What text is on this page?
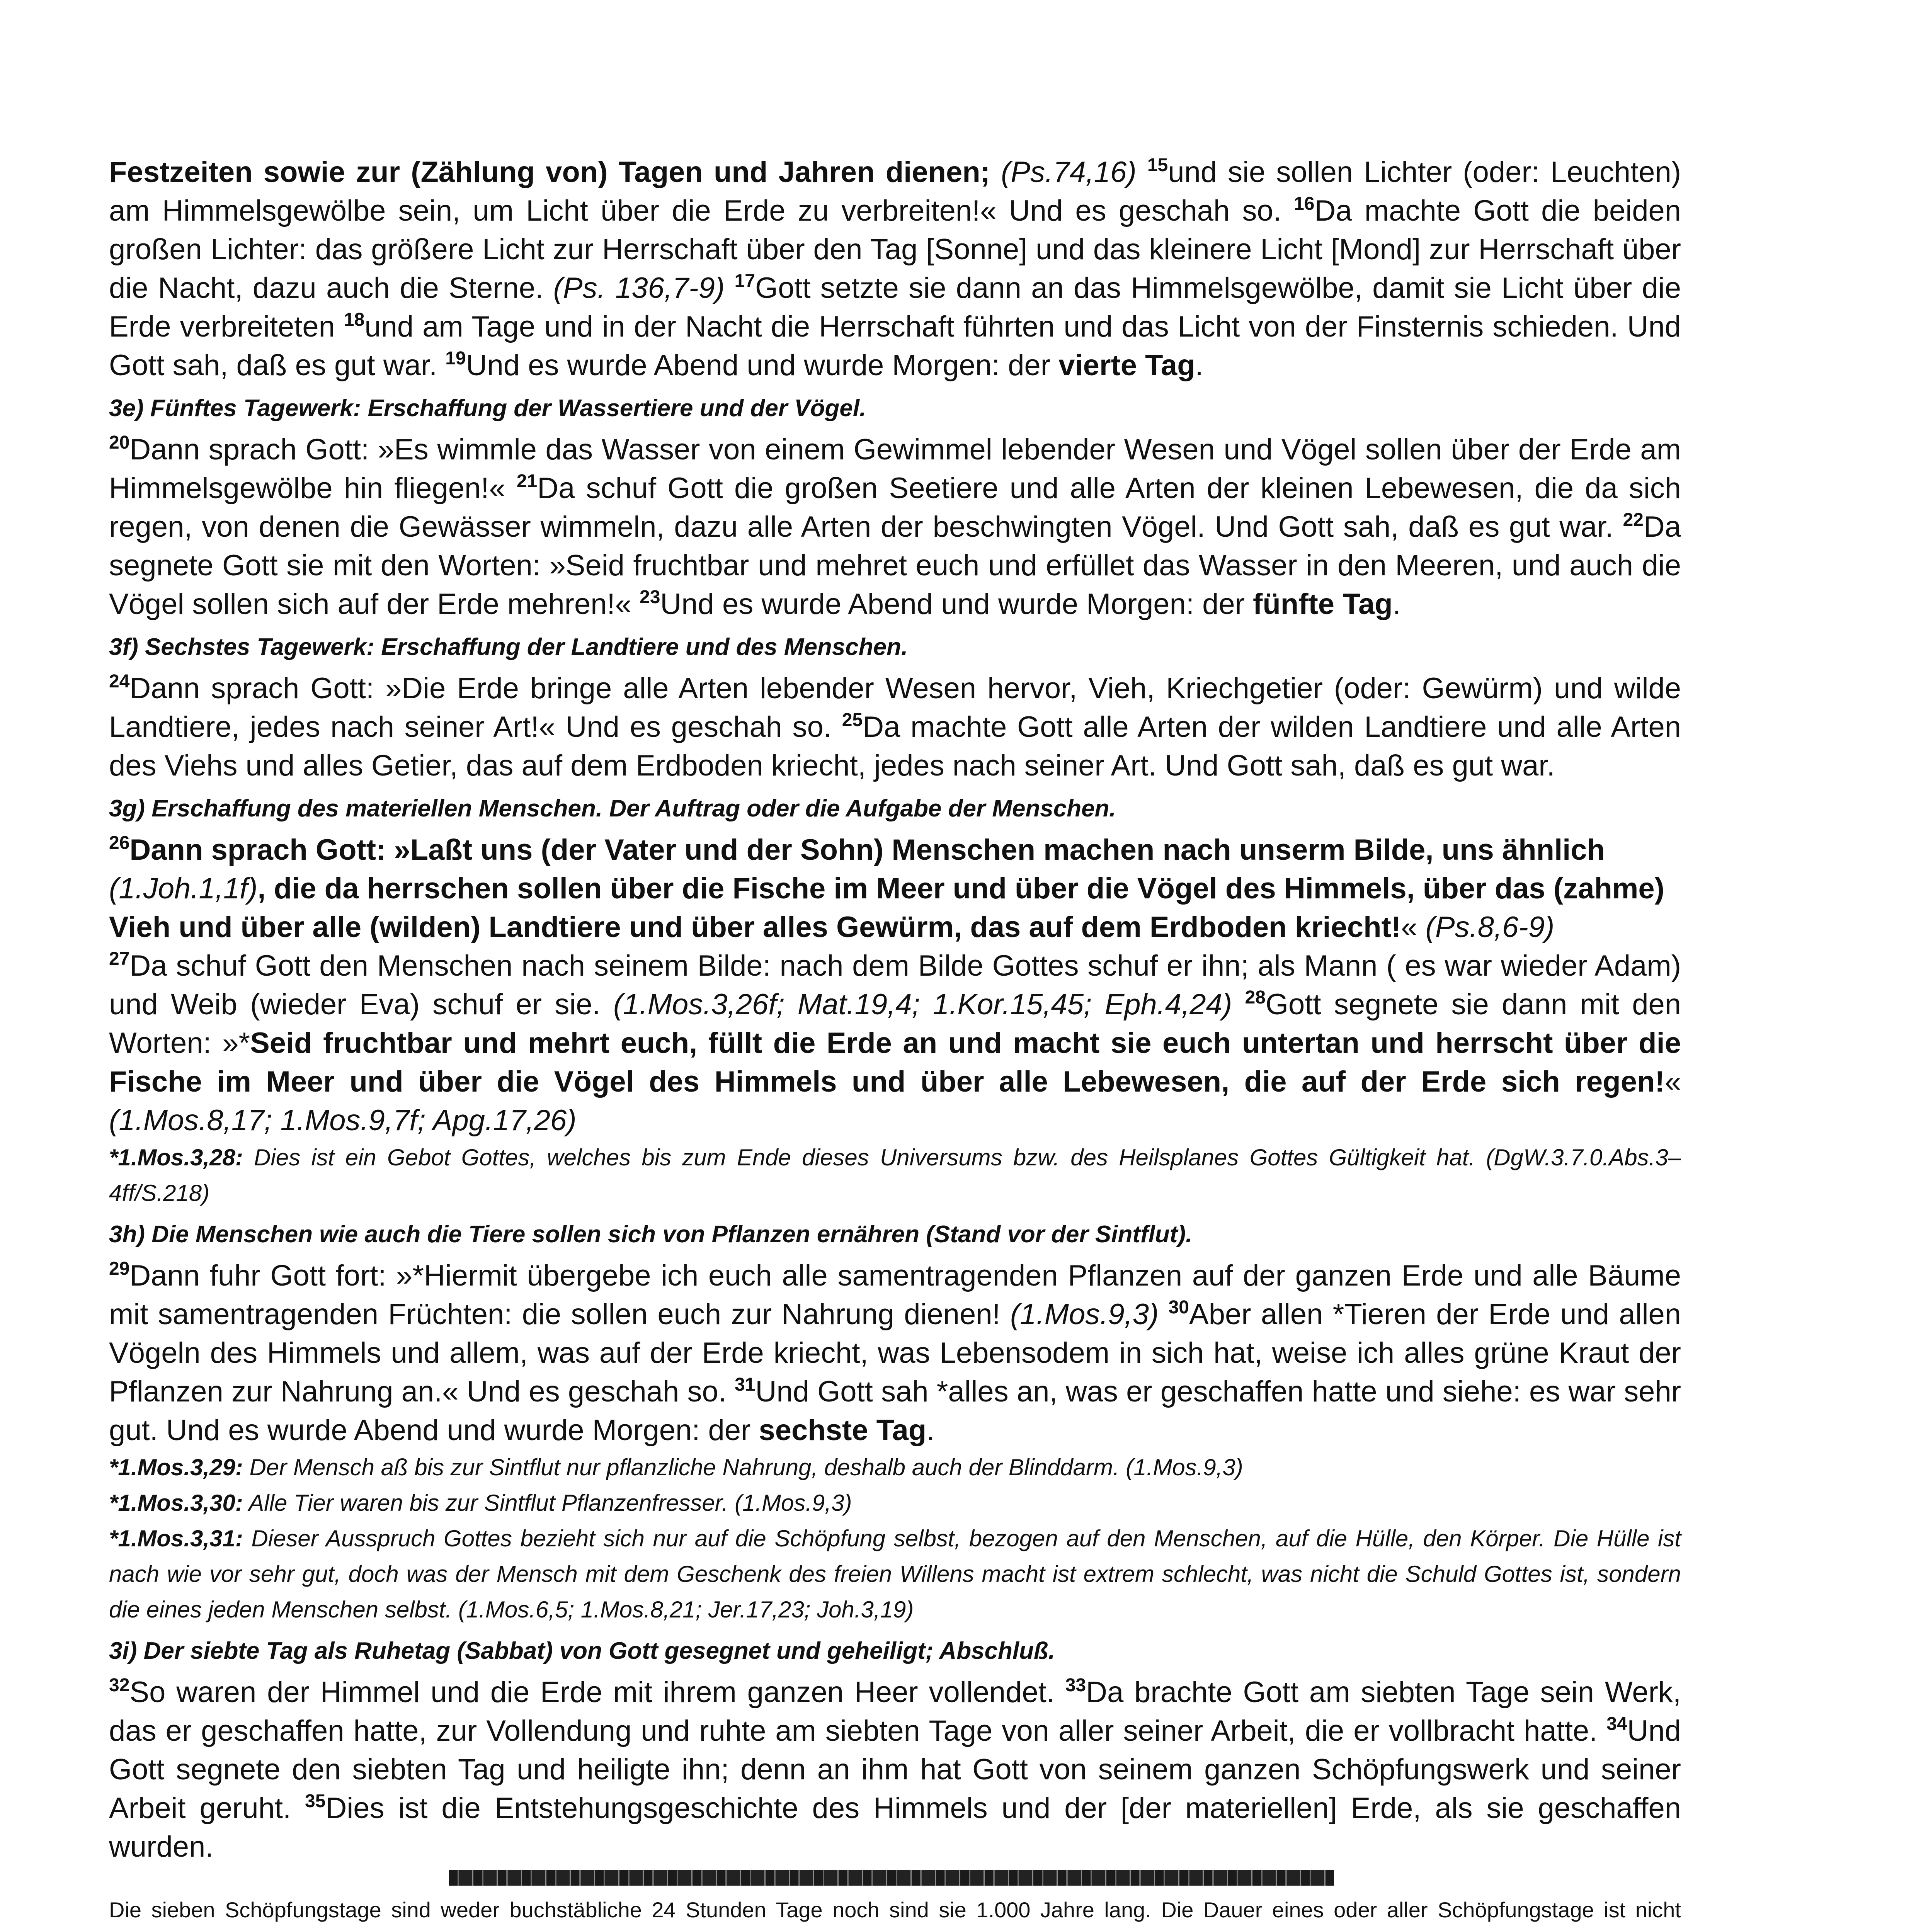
Festzeiten sowie zur (Zählung von) Tagen und Jahren dienen; (Ps.74,16) $^{15}$und sie sollen Lichter (oder: Leuchten) am Himmelsgewölbe sein, um Licht über die Erde zu verbreiten!« Und es geschah so. $^{16}$Da machte Gott die beiden großen Lichter: das größere Licht zur Herrschaft über den Tag [Sonne] und das kleinere Licht [Mond] zur Herrschaft über die Nacht, dazu auch die Sterne. (Ps. 136,7-9) $^{17}$Gott setzte sie dann an das Himmelsgewölbe, damit sie Licht über die Erde verbreiteten $^{18}$und am Tage und in der Nacht die Herrschaft führten und das Licht von der Finsternis schieden. Und Gott sah, daß es gut war. $^{19}$Und es wurde Abend und wurde Morgen: der vierte Tag.

3e) Fünftes Tagewerk: Erschaffung der Wassertiere und der Vögel.

$^{20}$Dann sprach Gott: »Es wimmle das Wasser von einem Gewimmel lebender Wesen und Vögel sollen über der Erde am Himmelsgewölbe hin fliegen!« $^{21}$Da schuf Gott die großen Seetiere und alle Arten der kleinen Lebewesen, die da sich regen, von denen die Gewässer wimmeln, dazu alle Arten der beschwingten Vögel. Und Gott sah, daß es gut war. $^{22}$Da segnete Gott sie mit den Worten: »Seid fruchtbar und mehret euch und erfüllet das Wasser in den Meeren, und auch die Vögel sollen sich auf der Erde mehren!« $^{23}$Und es wurde Abend und wurde Morgen: der fünfte Tag.

3f) Sechstes Tagewerk: Erschaffung der Landtiere und des Menschen.

$^{24}$Dann sprach Gott: »Die Erde bringe alle Arten lebender Wesen hervor, Vieh, Kriechgetier (oder: Gewürm) und wilde Landtiere, jedes nach seiner Art!« Und es geschah so. $^{25}$Da machte Gott alle Arten der wilden Landtiere und alle Arten des Viehs und alles Getier, das auf dem Erdboden kriecht, jedes nach seiner Art. Und Gott sah, daß es gut war.

3g) Erschaffung des materiellen Menschen. Der Auftrag oder die Aufgabe der Menschen.

$^{26}$Dann sprach Gott: »Laßt uns (der Vater und der Sohn) Menschen machen nach unserm Bilde, uns ähnlich (1.Joh.1,1f), die da herrschen sollen über die Fische im Meer und über die Vögel des Himmels, über das (zahme) Vieh und über alle (wilden) Landtiere und über alles Gewürm, das auf dem Erdboden kriecht!« (Ps.8,6-9)

$^{27}$Da schuf Gott den Menschen nach seinem Bilde: nach dem Bilde Gottes schuf er ihn; als Mann ( es war wieder Adam) und Weib (wieder Eva) schuf er sie. (1.Mos.3,26f; Mat.19,4; 1.Kor.15,45; Eph.4,24) $^{28}$Gott segnete sie dann mit den Worten: »*Seid fruchtbar und mehrt euch, füllt die Erde an und macht sie euch untertan und herrscht über die Fische im Meer und über die Vögel des Himmels und über alle Lebewesen, die auf der Erde sich regen!« (1.Mos.8,17; 1.Mos.9,7f; Apg.17,26)

*1.Mos.3,28: Dies ist ein Gebot Gottes, welches bis zum Ende dieses Universums bzw. des Heilsplanes Gottes Gültigkeit hat. (DgW.3.7.0.Abs.3–4ff/S.218)

3h) Die Menschen wie auch die Tiere sollen sich von Pflanzen ernähren (Stand vor der Sintflut).

$^{29}$Dann fuhr Gott fort: »*Hiermit übergebe ich euch alle samentragenden Pflanzen auf der ganzen Erde und alle Bäume mit samentragenden Früchten: die sollen euch zur Nahrung dienen! (1.Mos.9,3) $^{30}$Aber allen *Tieren der Erde und allen Vögeln des Himmels und allem, was auf der Erde kriecht, was Lebensodem in sich hat, weise ich alles grüne Kraut der Pflanzen zur Nahrung an.« Und es geschah so. $^{31}$Und Gott sah *alles an, was er geschaffen hatte und siehe: es war sehr gut. Und es wurde Abend und wurde Morgen: der sechste Tag.

*1.Mos.3,29: Der Mensch aß bis zur Sintflut nur pflanzliche Nahrung, deshalb auch der Blinddarm. (1.Mos.9,3)

*1.Mos.3,30: Alle Tier waren bis zur Sintflut Pflanzenfresser. (1.Mos.9,3)

*1.Mos.3,31: Dieser Ausspruch Gottes bezieht sich nur auf die Schöpfung selbst, bezogen auf den Menschen, auf die Hülle, den Körper. Die Hülle ist nach wie vor sehr gut, doch was der Mensch mit dem Geschenk des freien Willens macht ist extrem schlecht, was nicht die Schuld Gottes ist, sondern die eines jeden Menschen selbst. (1.Mos.6,5; 1.Mos.8,21; Jer.17,23; Joh.3,19)

3i) Der siebte Tag als Ruhetag (Sabbat) von Gott gesegnet und geheiligt; Abschluß.

$^{32}$So waren der Himmel und die Erde mit ihrem ganzen Heer vollendet. $^{33}$Da brachte Gott am siebten Tage sein Werk, das er geschaffen hatte, zur Vollendung und ruhte am siebten Tage von aller seiner Arbeit, die er vollbracht hatte. $^{34}$Und Gott segnete den siebten Tag und heiligte ihn; denn an ihm hat Gott von seinem ganzen Schöpfungswerk und seiner Arbeit geruht. $^{35}$Dies ist die Entstehungsgeschichte des Himmels und der [der materiellen] Erde, als sie geschaffen wurden.

Die sieben Schöpfungstage sind weder buchstäbliche 24 Stunden Tage noch sind sie 1.000 Jahre lang. Die Dauer eines oder aller Schöpfungstage ist nicht
